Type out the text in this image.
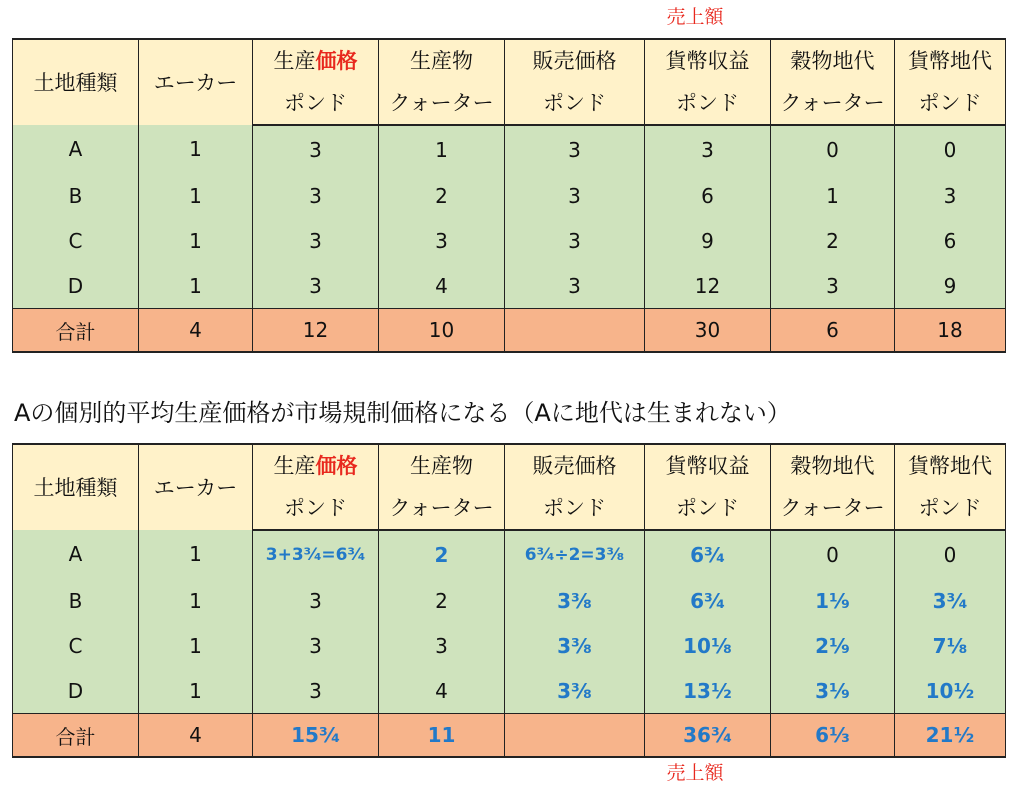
売上額
土地種類	エーカー	生産価格	生産物	販売価格	貨幣収益	穀物地代	貨幣地代
		ポンド	クォーター	ポンド	ポンド	クォーター	ポンド
A	1	3	1	3	3	0	0
B	1	3	2	3	6	1	3
C	1	3	3	3	9	2	6
D	1	3	4	3	12	3	9
合計	4	12	10		30	6	18
Aの個別的平均生産価格が市場規制価格になる（Aに地代は生まれない）
土地種類	エーカー	生産価格	生産物	販売価格	貨幣収益	穀物地代	貨幣地代
		ポンド	クォーター	ポンド	ポンド	クォーター	ポンド
A	1	3+3³⁄₄=6³⁄₄	2	6³⁄₄÷2=3³⁄₈	6³⁄₄	0	0
B	1	3	2	3³⁄₈	6³⁄₄	1¹⁄₉	3³⁄₄
C	1	3	3	3³⁄₈	10¹⁄₈	2¹⁄₉	7¹⁄₈
D	1	3	4	3³⁄₈	13¹⁄₂	3¹⁄₉	10¹⁄₂
合計	4	15³⁄₄	11		36³⁄₄	6¹⁄₃	21¹⁄₂
売上額
